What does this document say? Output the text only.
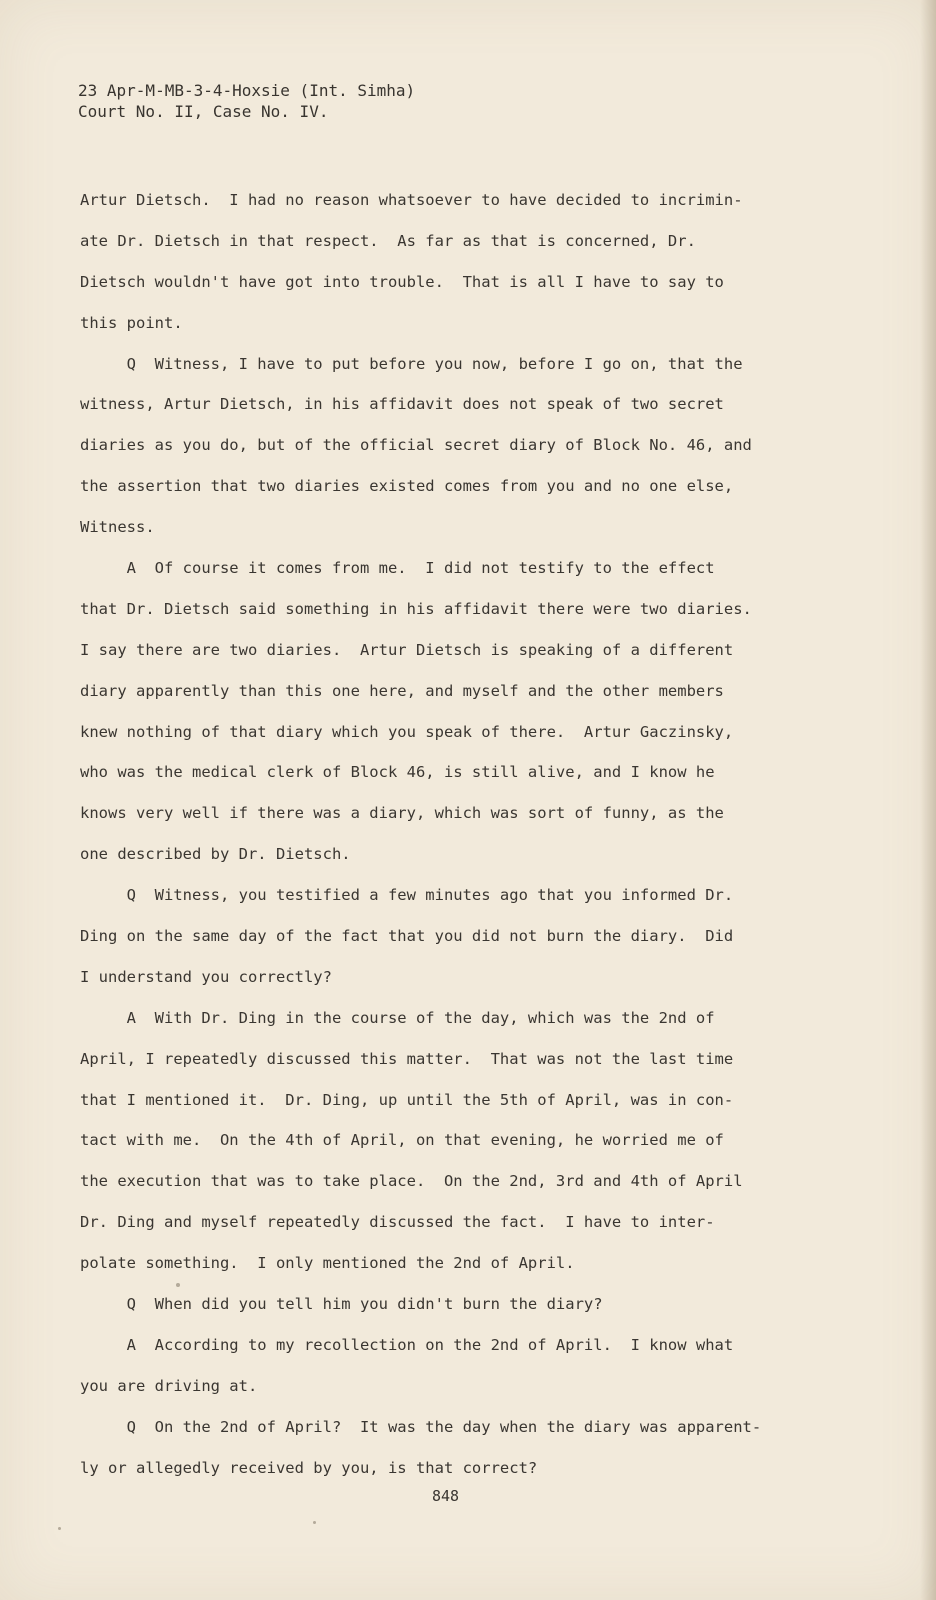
23 Apr-M-MB-3-4-Hoxsie (Int. Simha)
Court No. II, Case No. IV.
Artur Dietsch.  I had no reason whatsoever to have decided to incrimin-
ate Dr. Dietsch in that respect.  As far as that is concerned, Dr.
Dietsch wouldn't have got into trouble.  That is all I have to say to
this point.
Q  Witness, I have to put before you now, before I go on, that the
witness, Artur Dietsch, in his affidavit does not speak of two secret
diaries as you do, but of the official secret diary of Block No. 46, and
the assertion that two diaries existed comes from you and no one else,
Witness.
A  Of course it comes from me.  I did not testify to the effect
that Dr. Dietsch said something in his affidavit there were two diaries.
I say there are two diaries.  Artur Dietsch is speaking of a different
diary apparently than this one here, and myself and the other members
knew nothing of that diary which you speak of there.  Artur Gaczinsky,
who was the medical clerk of Block 46, is still alive, and I know he
knows very well if there was a diary, which was sort of funny, as the
one described by Dr. Dietsch.
Q  Witness, you testified a few minutes ago that you informed Dr.
Ding on the same day of the fact that you did not burn the diary.  Did
I understand you correctly?
A  With Dr. Ding in the course of the day, which was the 2nd of
April, I repeatedly discussed this matter.  That was not the last time
that I mentioned it.  Dr. Ding, up until the 5th of April, was in con-
tact with me.  On the 4th of April, on that evening, he worried me of
the execution that was to take place.  On the 2nd, 3rd and 4th of April
Dr. Ding and myself repeatedly discussed the fact.  I have to inter-
polate something.  I only mentioned the 2nd of April.
Q  When did you tell him you didn't burn the diary?
A  According to my recollection on the 2nd of April.  I know what
you are driving at.
Q  On the 2nd of April?  It was the day when the diary was apparent-
ly or allegedly received by you, is that correct?
848
